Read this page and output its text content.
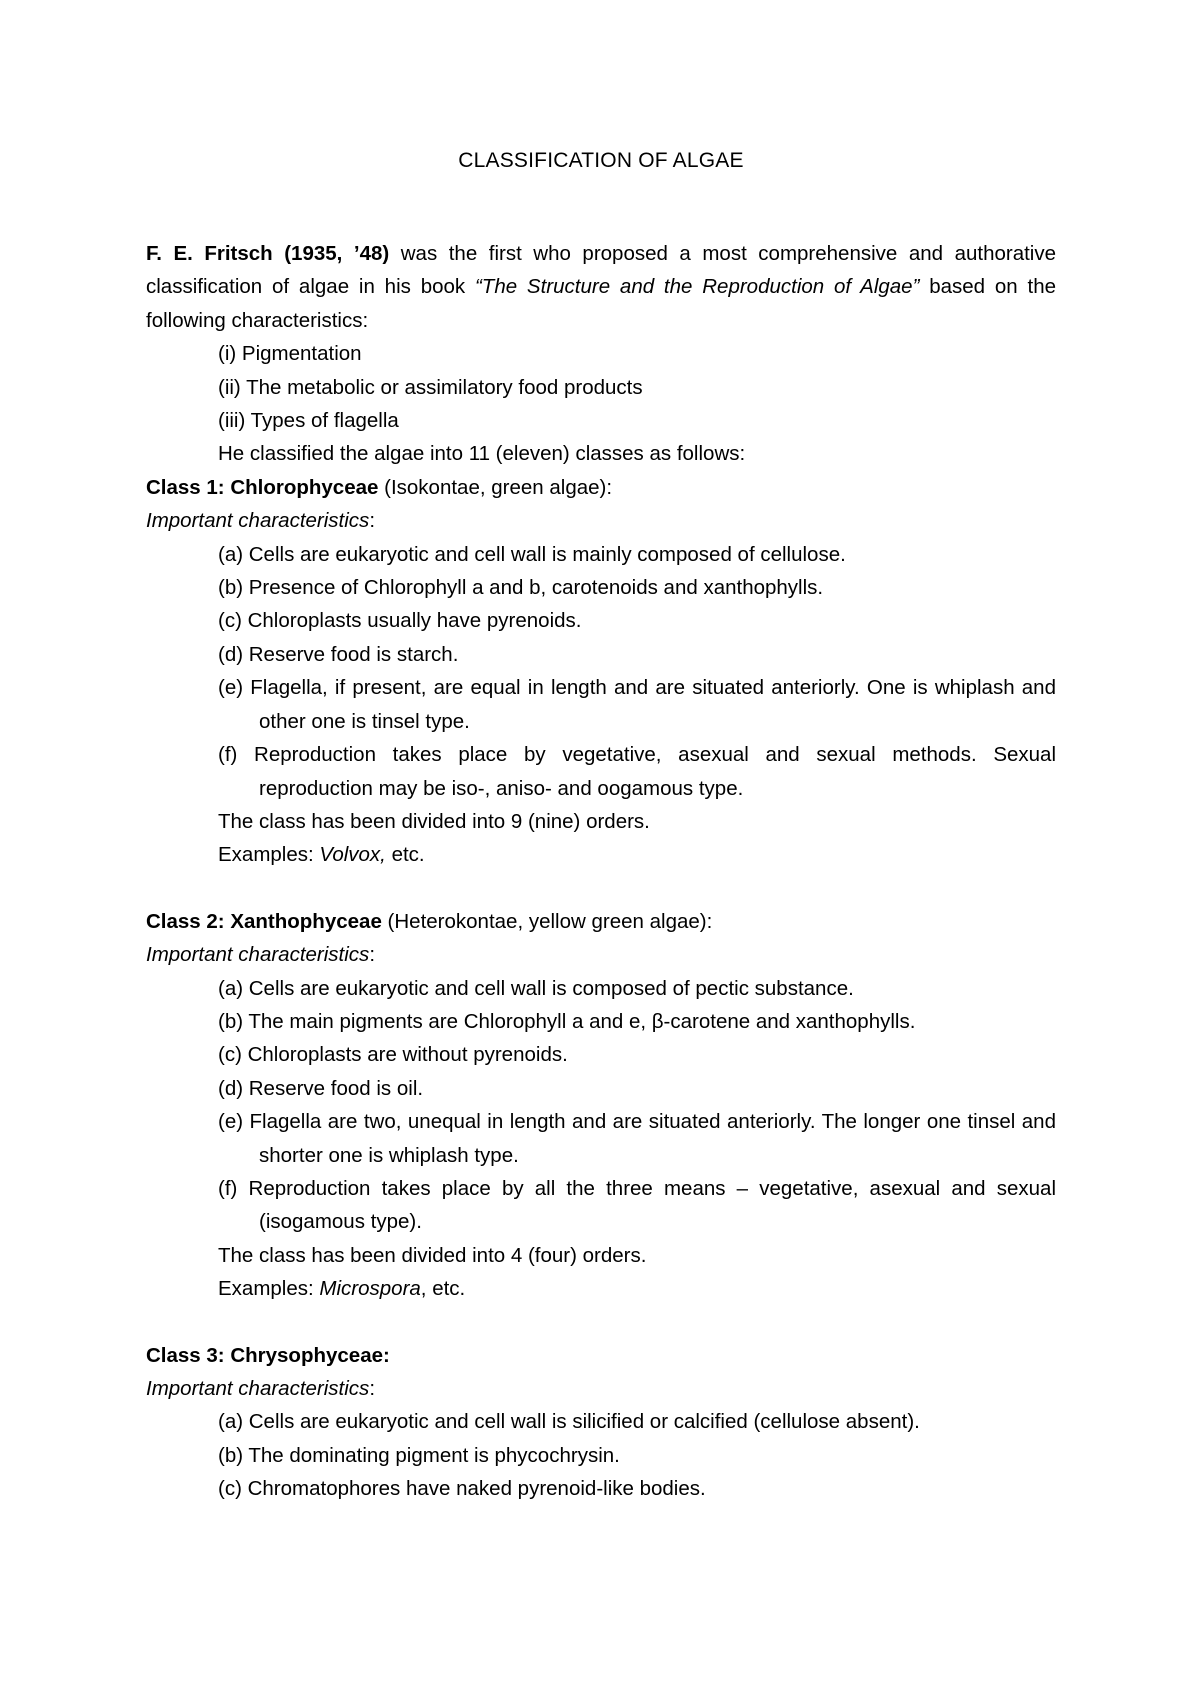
CLASSIFICATION OF ALGAE

F. E. Fritsch (1935, ’48) was the first who proposed a most comprehensive and authorative classification of algae in his book “The Structure and the Reproduction of Algae” based on the following characteristics:

(i) Pigmentation

(ii) The metabolic or assimilatory food products

(iii) Types of flagella

He classified the algae into 11 (eleven) classes as follows:

Class 1: Chlorophyceae (Isokontae, green algae):

Important characteristics:

(a) Cells are eukaryotic and cell wall is mainly composed of cellulose.

(b) Presence of Chlorophyll a and b, carotenoids and xanthophylls.

(c) Chloroplasts usually have pyrenoids.

(d) Reserve food is starch.

(e) Flagella, if present, are equal in length and are situated anteriorly. One is whiplash and other one is tinsel type.

(f) Reproduction takes place by vegetative, asexual and sexual methods. Sexual reproduction may be iso-, aniso- and oogamous type.

The class has been divided into 9 (nine) orders.

Examples: Volvox, etc.

Class 2: Xanthophyceae (Heterokontae, yellow green algae):

Important characteristics:

(a) Cells are eukaryotic and cell wall is composed of pectic substance.

(b) The main pigments are Chlorophyll a and e, β-carotene and xanthophylls.

(c) Chloroplasts are without pyrenoids.

(d) Reserve food is oil.

(e) Flagella are two, unequal in length and are situated anteriorly. The longer one tinsel and shorter one is whiplash type.

(f) Reproduction takes place by all the three means – vegetative, asexual and sexual (isogamous type).

The class has been divided into 4 (four) orders.

Examples: Microspora, etc.

Class 3: Chrysophyceae:

Important characteristics:

(a) Cells are eukaryotic and cell wall is silicified or calcified (cellulose absent).

(b) The dominating pigment is phycochrysin.

(c) Chromatophores have naked pyrenoid-like bodies.
